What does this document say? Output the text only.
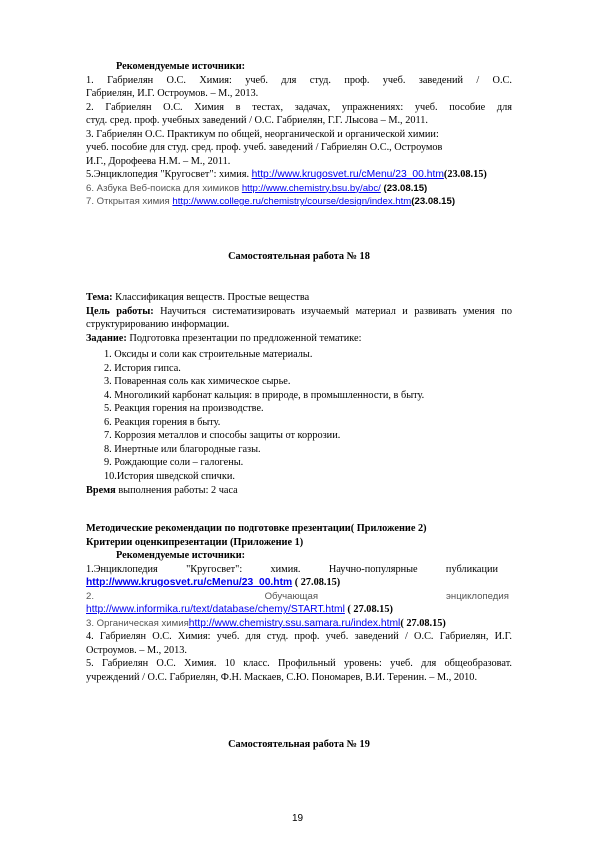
Рекомендуемые источники:
1. Габриелян О.С. Химия: учеб. для студ. проф. учеб. заведений / О.С.
Габриелян, И.Г. Остроумов. – М., 2013.
2. Габриелян О.С. Химия в тестах, задачах, упражнениях: учеб. пособие для
студ. сред. проф. учебных заведений / О.С. Габриелян, Г.Г. Лысова – М., 2011.
3. Габриелян О.С. Практикум по общей, неорганической и органической химии:
учеб. пособие для студ. сред. проф. учеб. заведений / Габриелян О.С., Остроумов
И.Г., Дорофеева Н.М. – М., 2011.
5.Энциклопедия "Кругосвет": химия. http://www.krugosvet.ru/cMenu/23_00.htm(23.08.15)
6. Азбука Веб-поиска для химиков http://www.chemistry.bsu.by/abc/ (23.08.15)
7. Открытая химия http://www.college.ru/chemistry/course/design/index.htm(23.08.15)
Самостоятельная работа № 18
Тема: Классификация веществ. Простые вещества
Цель работы: Научиться систематизировать изучаемый материал и развивать умения по
структурированию информации.
Задание: Подготовка презентации по предложенной тематике:
1. Оксиды и соли как строительные материалы.
2. История гипса.
3. Поваренная соль как химическое сырье.
4. Многоликий карбонат кальция: в природе, в промышленности, в быту.
5. Реакция горения на производстве.
6. Реакция горения в быту.
7. Коррозия металлов и способы защиты от коррозии.
8. Инертные или благородные газы.
9. Рождающие соли – галогены.
10.История шведской спички.
Время выполнения работы: 2 часа
Методические рекомендации по подготовке презентации( Приложение 2)
Критерии оценкипрезентации (Приложение 1)
Рекомендуемые источники:
1.Энциклопедия           "Кругосвет":           химия.           Научно-популярные           публикации
http://www.krugosvet.ru/cMenu/23_00.htm ( 27.08.15)
2.                                                                Обучающая                                                энциклопедия
http://www.informika.ru/text/database/chemy/START.html ( 27.08.15)
3. Органическая химияhttp://www.chemistry.ssu.samara.ru/index.html( 27.08.15)
4. Габриелян О.С. Химия: учеб. для студ. проф. учеб. заведений / О.С. Габриелян, И.Г.
Остроумов. – М., 2013.
5. Габриелян О.С. Химия. 10 класс. Профильный уровень: учеб. для общеобразоват.
учреждений / О.С. Габриелян, Ф.Н. Маскаев, С.Ю. Пономарев, В.И. Теренин. – М., 2010.
Самостоятельная работа № 19
19
